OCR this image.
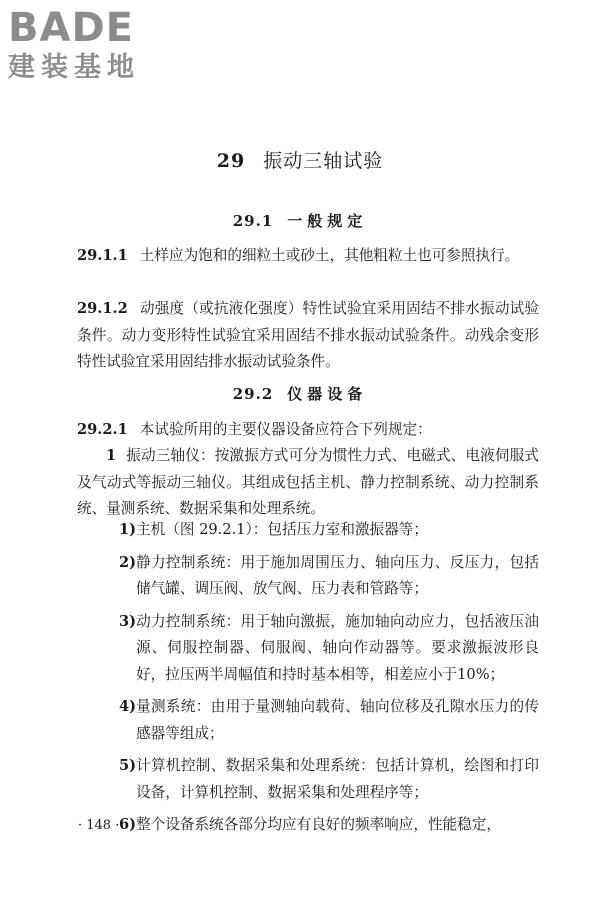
BADE
建装基地
29 振动三轴试验
29.1 一般规定
29.1.1 土样应为饱和的细粒土或砂土，其他粗粒土也可参照执行。
29.1.2 动强度（或抗液化强度）特性试验宜采用固结不排水振动试验条件。动力变形特性试验宜采用固结不排水振动试验条件。动残余变形特性试验宜采用固结排水振动试验条件。
29.2 仪器设备
29.2.1 本试验所用的主要仪器设备应符合下列规定：
1 振动三轴仪：按激振方式可分为惯性力式、电磁式、电液伺服式及气动式等振动三轴仪。其组成包括主机、静力控制系统、动力控制系统、量测系统、数据采集和处理系统。
1) 主机（图 29.2.1）：包括压力室和激振器等；
2) 静力控制系统：用于施加周围压力、轴向压力、反压力，包括储气罐、调压阀、放气阀、压力表和管路等；
3) 动力控制系统：用于轴向激振，施加轴向动应力，包括液压油源、伺服控制器、伺服阀、轴向作动器等。要求激振波形良好，拉压两半周幅值和持时基本相等，相差应小于10%；
4) 量测系统：由用于量测轴向载荷、轴向位移及孔隙水压力的传感器等组成；
5) 计算机控制、数据采集和处理系统：包括计算机，绘图和打印设备，计算机控制、数据采集和处理程序等；
6) 整个设备系统各部分均应有良好的频率响应，性能稳定，
· 148 ·
